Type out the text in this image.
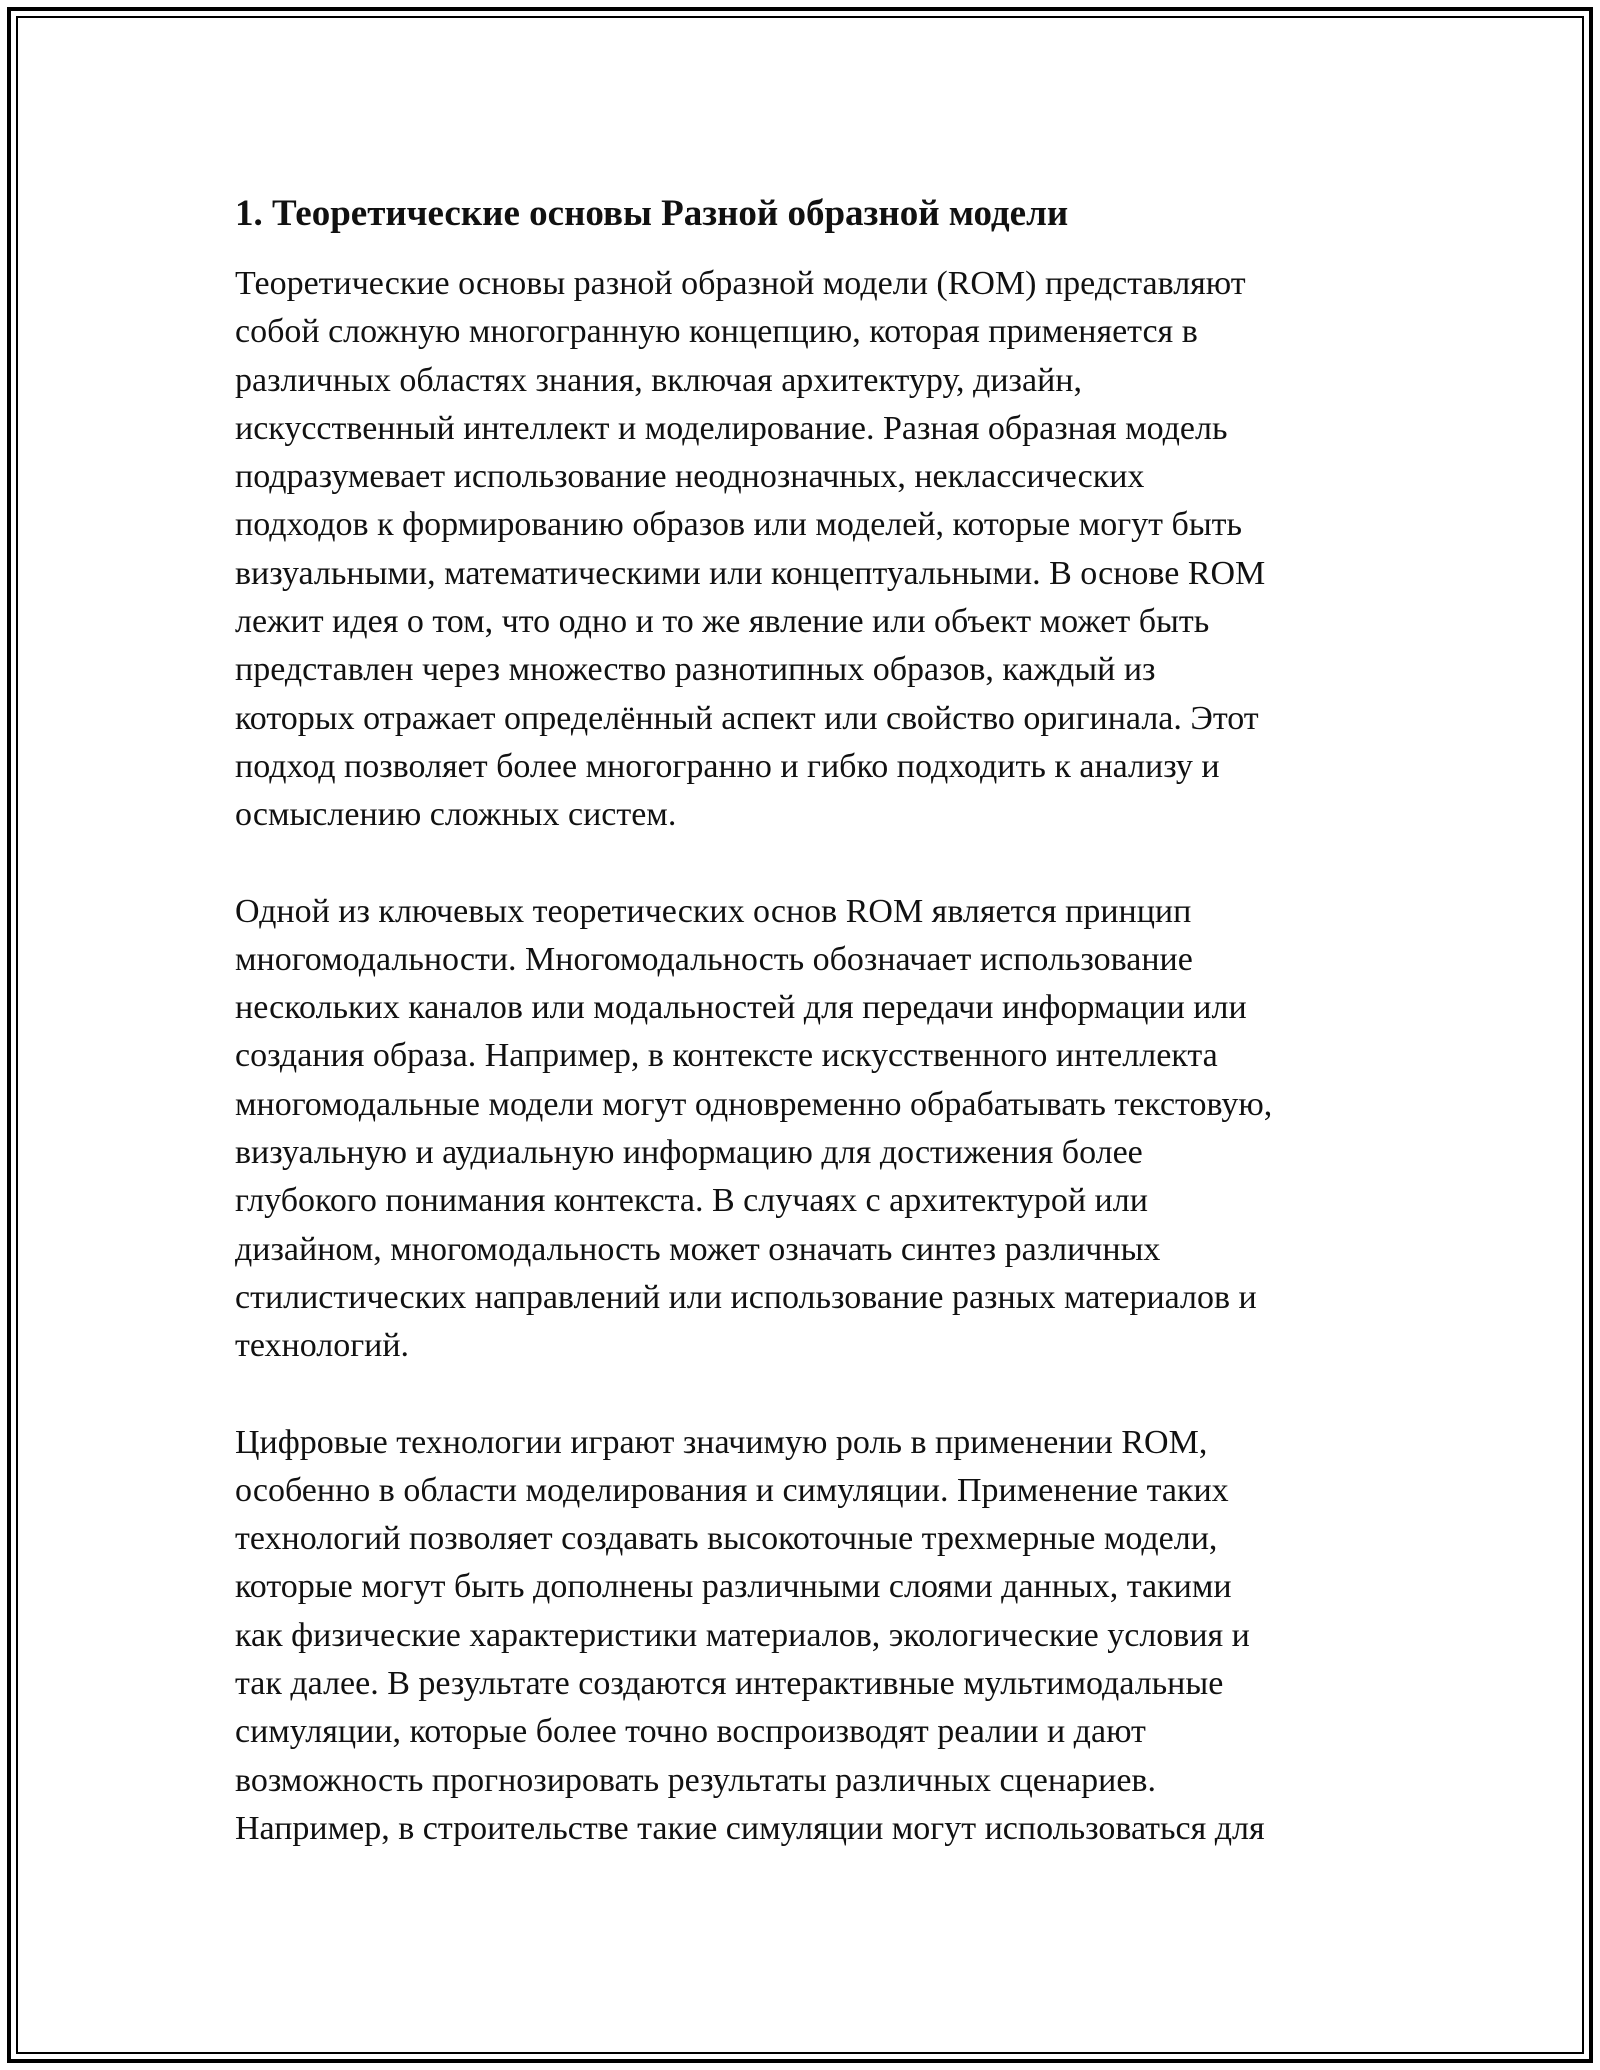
1. Теоретические основы Разной образной модели

Теоретические основы разной образной модели (ROM) представляют
собой сложную многогранную концепцию, которая применяется в
различных областях знания, включая архитектуру, дизайн,
искусственный интеллект и моделирование. Разная образная модель
подразумевает использование неоднозначных, неклассических
подходов к формированию образов или моделей, которые могут быть
визуальными, математическими или концептуальными. В основе ROM
лежит идея о том, что одно и то же явление или объект может быть
представлен через множество разнотипных образов, каждый из
которых отражает определённый аспект или свойство оригинала. Этот
подход позволяет более многогранно и гибко подходить к анализу и
осмыслению сложных систем.

Одной из ключевых теоретических основ ROM является принцип
многомодальности. Многомодальность обозначает использование
нескольких каналов или модальностей для передачи информации или
создания образа. Например, в контексте искусственного интеллекта
многомодальные модели могут одновременно обрабатывать текстовую,
визуальную и аудиальную информацию для достижения более
глубокого понимания контекста. В случаях с архитектурой или
дизайном, многомодальность может означать синтез различных
стилистических направлений или использование разных материалов и
технологий.

Цифровые технологии играют значимую роль в применении ROM,
особенно в области моделирования и симуляции. Применение таких
технологий позволяет создавать высокоточные трехмерные модели,
которые могут быть дополнены различными слоями данных, такими
как физические характеристики материалов, экологические условия и
так далее. В результате создаются интерактивные мультимодальные
симуляции, которые более точно воспроизводят реалии и дают
возможность прогнозировать результаты различных сценариев.
Например, в строительстве такие симуляции могут использоваться для
